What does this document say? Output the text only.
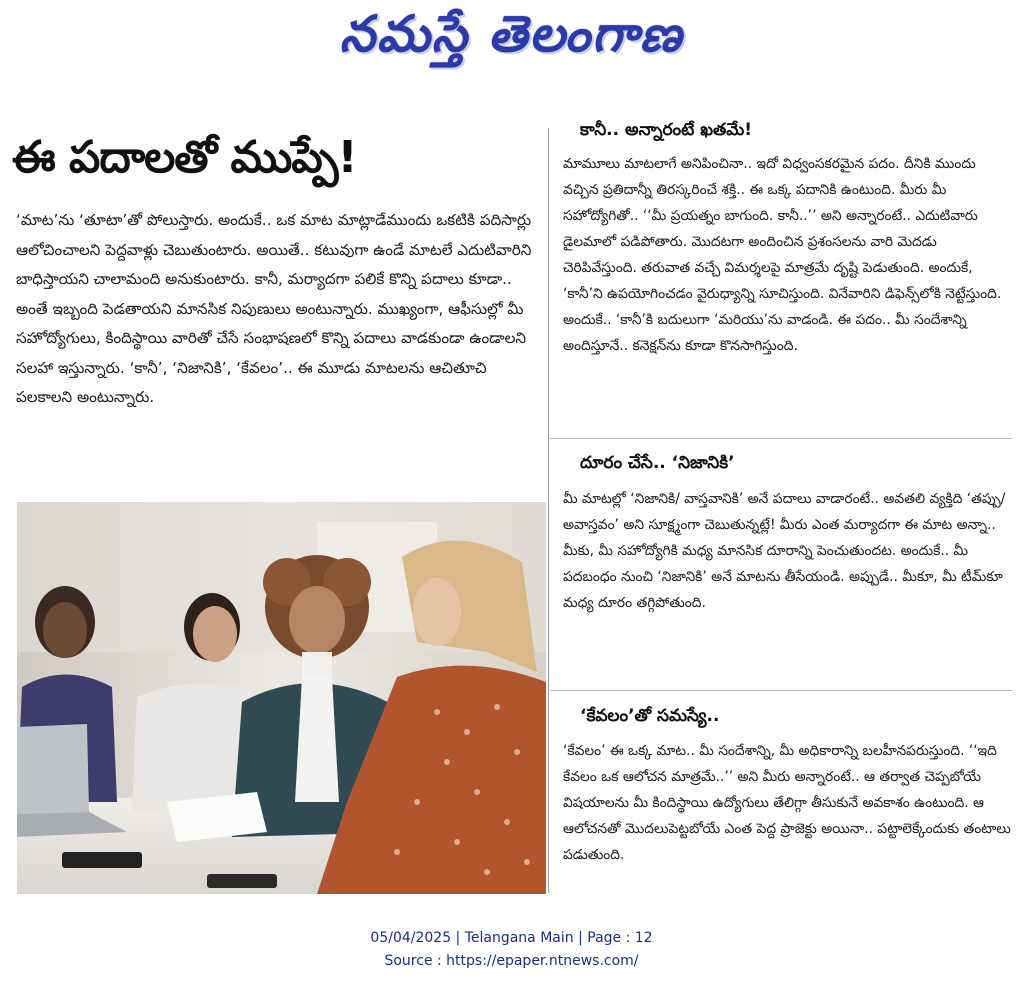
నమస్తే తెలంగాణ
ఈ పదాలతో ముప్పే!
‘మాట’ను ‘తూటా’తో పోలుస్తారు. అందుకే.. ఒక మాట మాట్లాడేముందు ఒకటికి పదిసార్లు ఆలోచించాలని పెద్దవాళ్లు చెబుతుంటారు. అయితే.. కటువుగా ఉండే మాటలే ఎదుటివారిని బాధిస్తాయని చాలామంది అనుకుంటారు. కానీ, మర్యాదగా పలికే కొన్ని పదాలు కూడా.. అంతే ఇబ్బంది పెడతాయని మానసిక నిపుణులు అంటున్నారు. ముఖ్యంగా, ఆఫీసుల్లో మీ సహోద్యోగులు, కిందిస్థాయి వారితో చేసే సంభాషణలో కొన్ని పదాలు వాడకుండా ఉండాలని సలహా ఇస్తున్నారు. ‘కానీ’, ‘నిజానికి’, ‘కేవలం’.. ఈ మూడు మాటలను ఆచితూచి పలకాలని అంటున్నారు.
కానీ.. అన్నారంటే ఖతమే!
మామూలు మాటలాగే అనిపించినా.. ఇదో విధ్వంసకరమైన పదం. దీనికి ముందు వచ్చిన ప్రతిదాన్నీ తిరస్కరించే శక్తి.. ఈ ఒక్క పదానికి ఉంటుంది. మీరు మీ సహోద్యోగితో.. ‘‘మీ ప్రయత్నం బాగుంది. కానీ..’’ అని అన్నారంటే.. ఎదుటివారు డైలమాలో పడిపోతారు. మొదటగా అందించిన ప్రశంసలను వారి మెదడు చెరిపివేస్తుంది. తరువాత వచ్చే విమర్శలపై మాత్రమే దృష్టి పెడుతుంది. అందుకే, ‘కానీ’ని ఉపయోగించడం వైరుధ్యాన్ని సూచిస్తుంది. వినేవారిని డిఫెన్స్‌లోకి నెట్టేస్తుంది. అందుకే.. ‘కానీ’కి బదులుగా ‘మరియు’ను వాడండి. ఈ పదం.. మీ సందేశాన్ని అందిస్తూనే.. కనెక్షన్‌ను కూడా కొనసాగిస్తుంది.
దూరం చేసే.. ‘నిజానికి’
మీ మాటల్లో ‘నిజానికి/ వాస్తవానికి’ అనే పదాలు వాడారంటే.. అవతలి వ్యక్తిది ‘తప్పు/ అవాస్తవం’ అని సూక్ష్మంగా చెబుతున్నట్లే! మీరు ఎంత మర్యాదగా ఈ మాట అన్నా.. మీకు, మీ సహోద్యోగికి మధ్య మానసిక దూరాన్ని పెంచుతుందట. అందుకే.. మీ పదబంధం నుంచి ‘నిజానికి’ అనే మాటను తీసేయండి. అప్పుడే.. మీకూ, మీ టీమ్‌కూ మధ్య దూరం తగ్గిపోతుంది.
‘కేవలం’తో సమస్యే..
‘కేవలం’ ఈ ఒక్క మాట.. మీ సందేశాన్ని, మీ అధికారాన్ని బలహీనపరుస్తుంది. ‘‘ఇది కేవలం ఒక ఆలోచన మాత్రమే..’’ అని మీరు అన్నారంటే.. ఆ తర్వాత చెప్పబోయే విషయాలను మీ కిందిస్థాయి ఉద్యోగులు తేలిగ్గా తీసుకునే అవకాశం ఉంటుంది. ఆ ఆలోచనతో మొదలుపెట్టబోయే ఎంత పెద్ద ప్రాజెక్టు అయినా.. పట్టాలెక్కేందుకు తంటాలు పడుతుంది.
05/04/2025 | Telangana Main | Page : 12
Source : https://epaper.ntnews.com/
